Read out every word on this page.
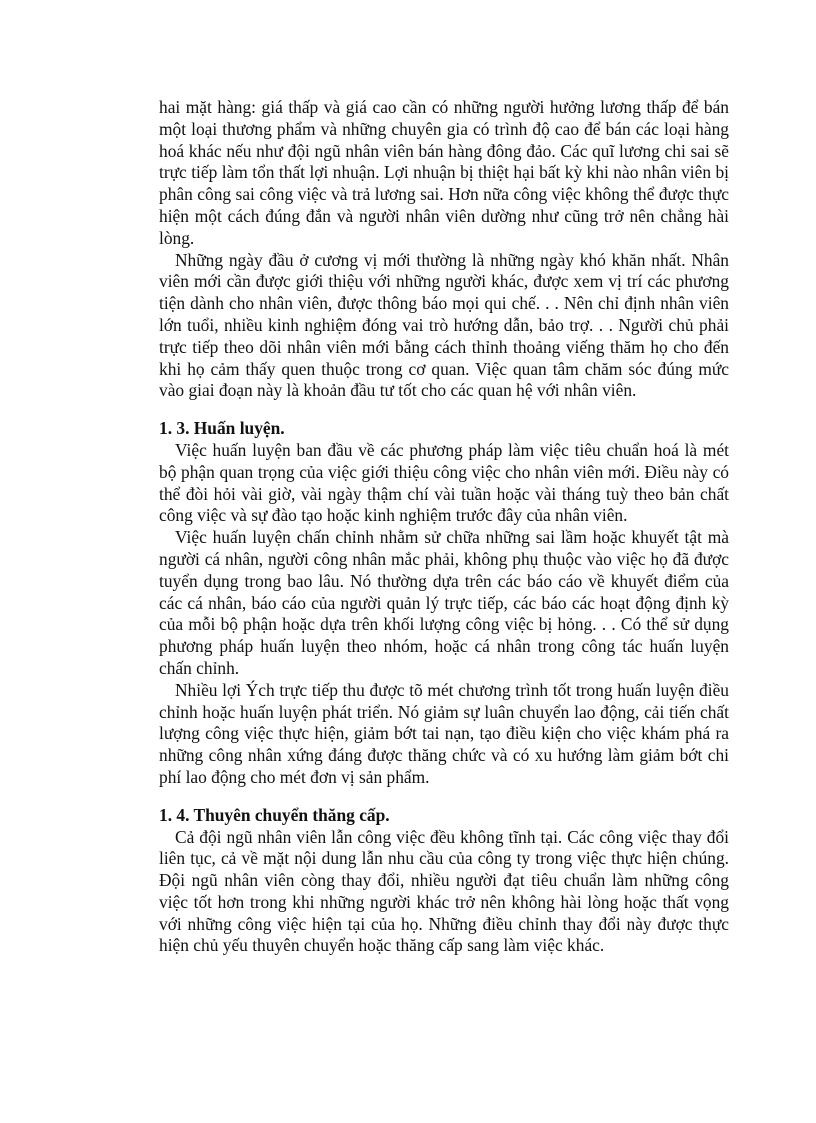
hai mặt hàng: giá thấp và giá cao cần có những người hưởng lương thấp để bán một loại thương phẩm và những chuyên gia có trình độ cao để bán các loại hàng hoá khác nếu như đội ngũ nhân viên bán hàng đông đảo. Các quĩ lương chi sai sẽ trực tiếp làm tổn thất lợi nhuận. Lợi nhuận bị thiệt hại bất kỳ khi nào nhân viên bị phân công sai công việc và trả lương sai. Hơn nữa công việc không thể được thực hiện một cách đúng đắn và người nhân viên dường như cũng trở nên chẳng hài lòng.

Những ngày đầu ở cương vị mới thường là những ngày khó khăn nhất. Nhân viên mới cần được giới thiệu với những người khác, được xem vị trí các phương tiện dành cho nhân viên, được thông báo mọi qui chế. . . Nên chỉ định nhân viên lớn tuổi, nhiều kinh nghiệm đóng vai trò hướng dẫn, bảo trợ. . . Người chủ phải trực tiếp theo dõi nhân viên mới bằng cách thỉnh thoảng viếng thăm họ cho đến khi họ cảm thấy quen thuộc trong cơ quan. Việc quan tâm chăm sóc đúng mức vào giai đoạn này là khoản đầu tư tốt cho các quan hệ với nhân viên.

1. 3. Huấn luyện.

Việc huấn luyện ban đầu về các phương pháp làm việc tiêu chuẩn hoá là mét bộ phận quan trọng của việc giới thiệu công việc cho nhân viên mới. Điều này có thể đòi hỏi vài giờ, vài ngày thậm chí vài tuần hoặc vài tháng tuỳ theo bản chất công việc và sự đào tạo hoặc kinh nghiệm trước đây của nhân viên.

Việc huấn luyện chấn chỉnh nhằm sử chữa những sai lầm hoặc khuyết tật mà người cá nhân, người công nhân mắc phải, không phụ thuộc vào việc họ đã được tuyển dụng trong bao lâu. Nó thường dựa trên các báo cáo về khuyết điểm của các cá nhân, báo cáo của người quản lý trực tiếp, các báo các hoạt động định kỳ của mỗi bộ phận hoặc dựa trên khối lượng công việc bị hỏng. . . Có thể sử dụng phương pháp huấn luyện theo nhóm, hoặc cá nhân trong công tác huấn luyện chấn chỉnh.

Nhiều lợi Ých trực tiếp thu được tõ mét chương trình tốt trong huấn luyện điều chỉnh hoặc huấn luyện phát triển. Nó giảm sự luân chuyển lao động, cải tiến chất lượng công việc thực hiện, giảm bớt tai nạn, tạo điều kiện cho việc khám phá ra những công nhân xứng đáng được thăng chức và có xu hướng làm giảm bớt chi phí lao động cho mét đơn vị sản phẩm.

1. 4. Thuyên chuyển thăng cấp.

Cả đội ngũ nhân viên lẫn công việc đều không tĩnh tại. Các công việc thay đổi liên tục, cả về mặt nội dung lẫn nhu cầu của công ty trong việc thực hiện chúng. Đội ngũ nhân viên còng thay đổi, nhiều người đạt tiêu chuẩn làm những công việc tốt hơn trong khi những người khác trở nên không hài lòng hoặc thất vọng với những công việc hiện tại của họ. Những điều chỉnh thay đổi này được thực hiện chủ yếu thuyên chuyển hoặc thăng cấp sang làm việc khác.
